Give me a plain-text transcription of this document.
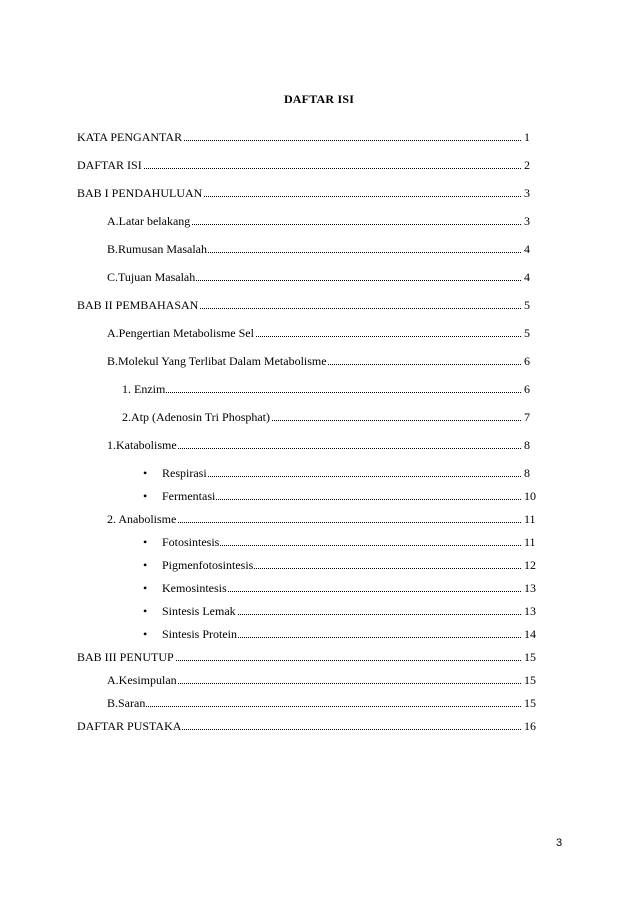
DAFTAR ISI
KATA PENGANTAR	1
DAFTAR ISI	2
BAB I PENDAHULUAN	3
A.Latar belakang	3
B.Rumusan Masalah	4
C.Tujuan Masalah	4
BAB II PEMBAHASAN	5
A.Pengertian Metabolisme Sel	5
B.Molekul Yang Terlibat Dalam Metabolisme	6
1. Enzim	6
2.Atp (Adenosin Tri Phosphat)	7
1.Katabolisme	8
• Respirasi	8
• Fermentasi	10
2. Anabolisme	11
• Fotosintesis	11
• Pigmenfotosintesis	12
• Kemosintesis	13
• Sintesis Lemak	13
• Sintesis Protein	14
BAB III PENUTUP	15
A.Kesimpulan	15
B.Saran	15
DAFTAR PUSTAKA	16
3
